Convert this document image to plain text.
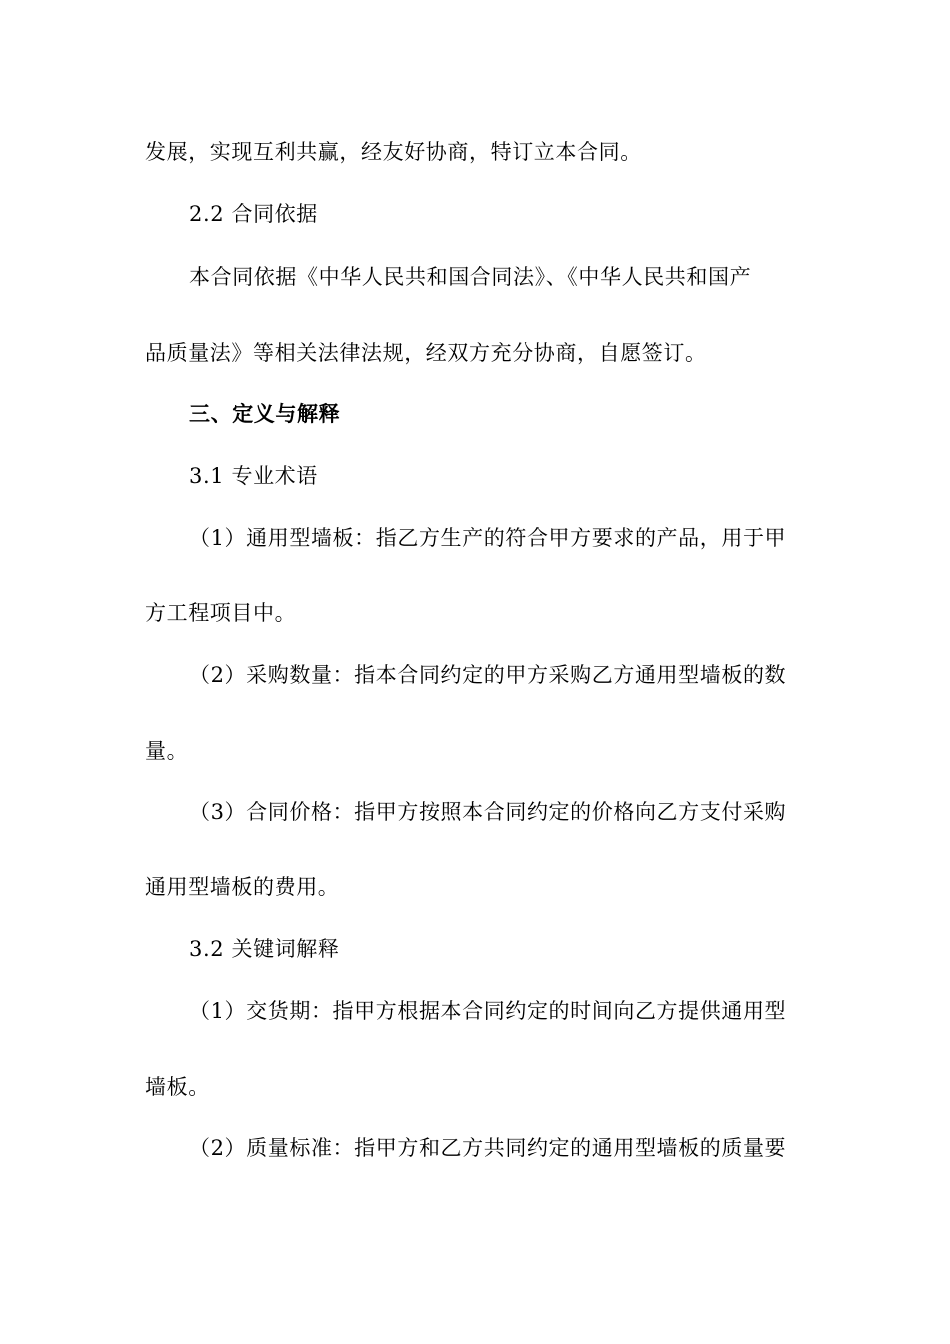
发展，实现互利共赢，经友好协商，特订立本合同。
2.2 合同依据
本合同依据《中华人民共和国合同法》、《中华人民共和国产
品质量法》等相关法律法规，经双方充分协商，自愿签订。
三、定义与解释
3.1 专业术语
（1）通用型墙板：指乙方生产的符合甲方要求的产品，用于甲
方工程项目中。
（2）采购数量：指本合同约定的甲方采购乙方通用型墙板的数
量。
（3）合同价格：指甲方按照本合同约定的价格向乙方支付采购
通用型墙板的费用。
3.2 关键词解释
（1）交货期：指甲方根据本合同约定的时间向乙方提供通用型
墙板。
（2）质量标准：指甲方和乙方共同约定的通用型墙板的质量要
